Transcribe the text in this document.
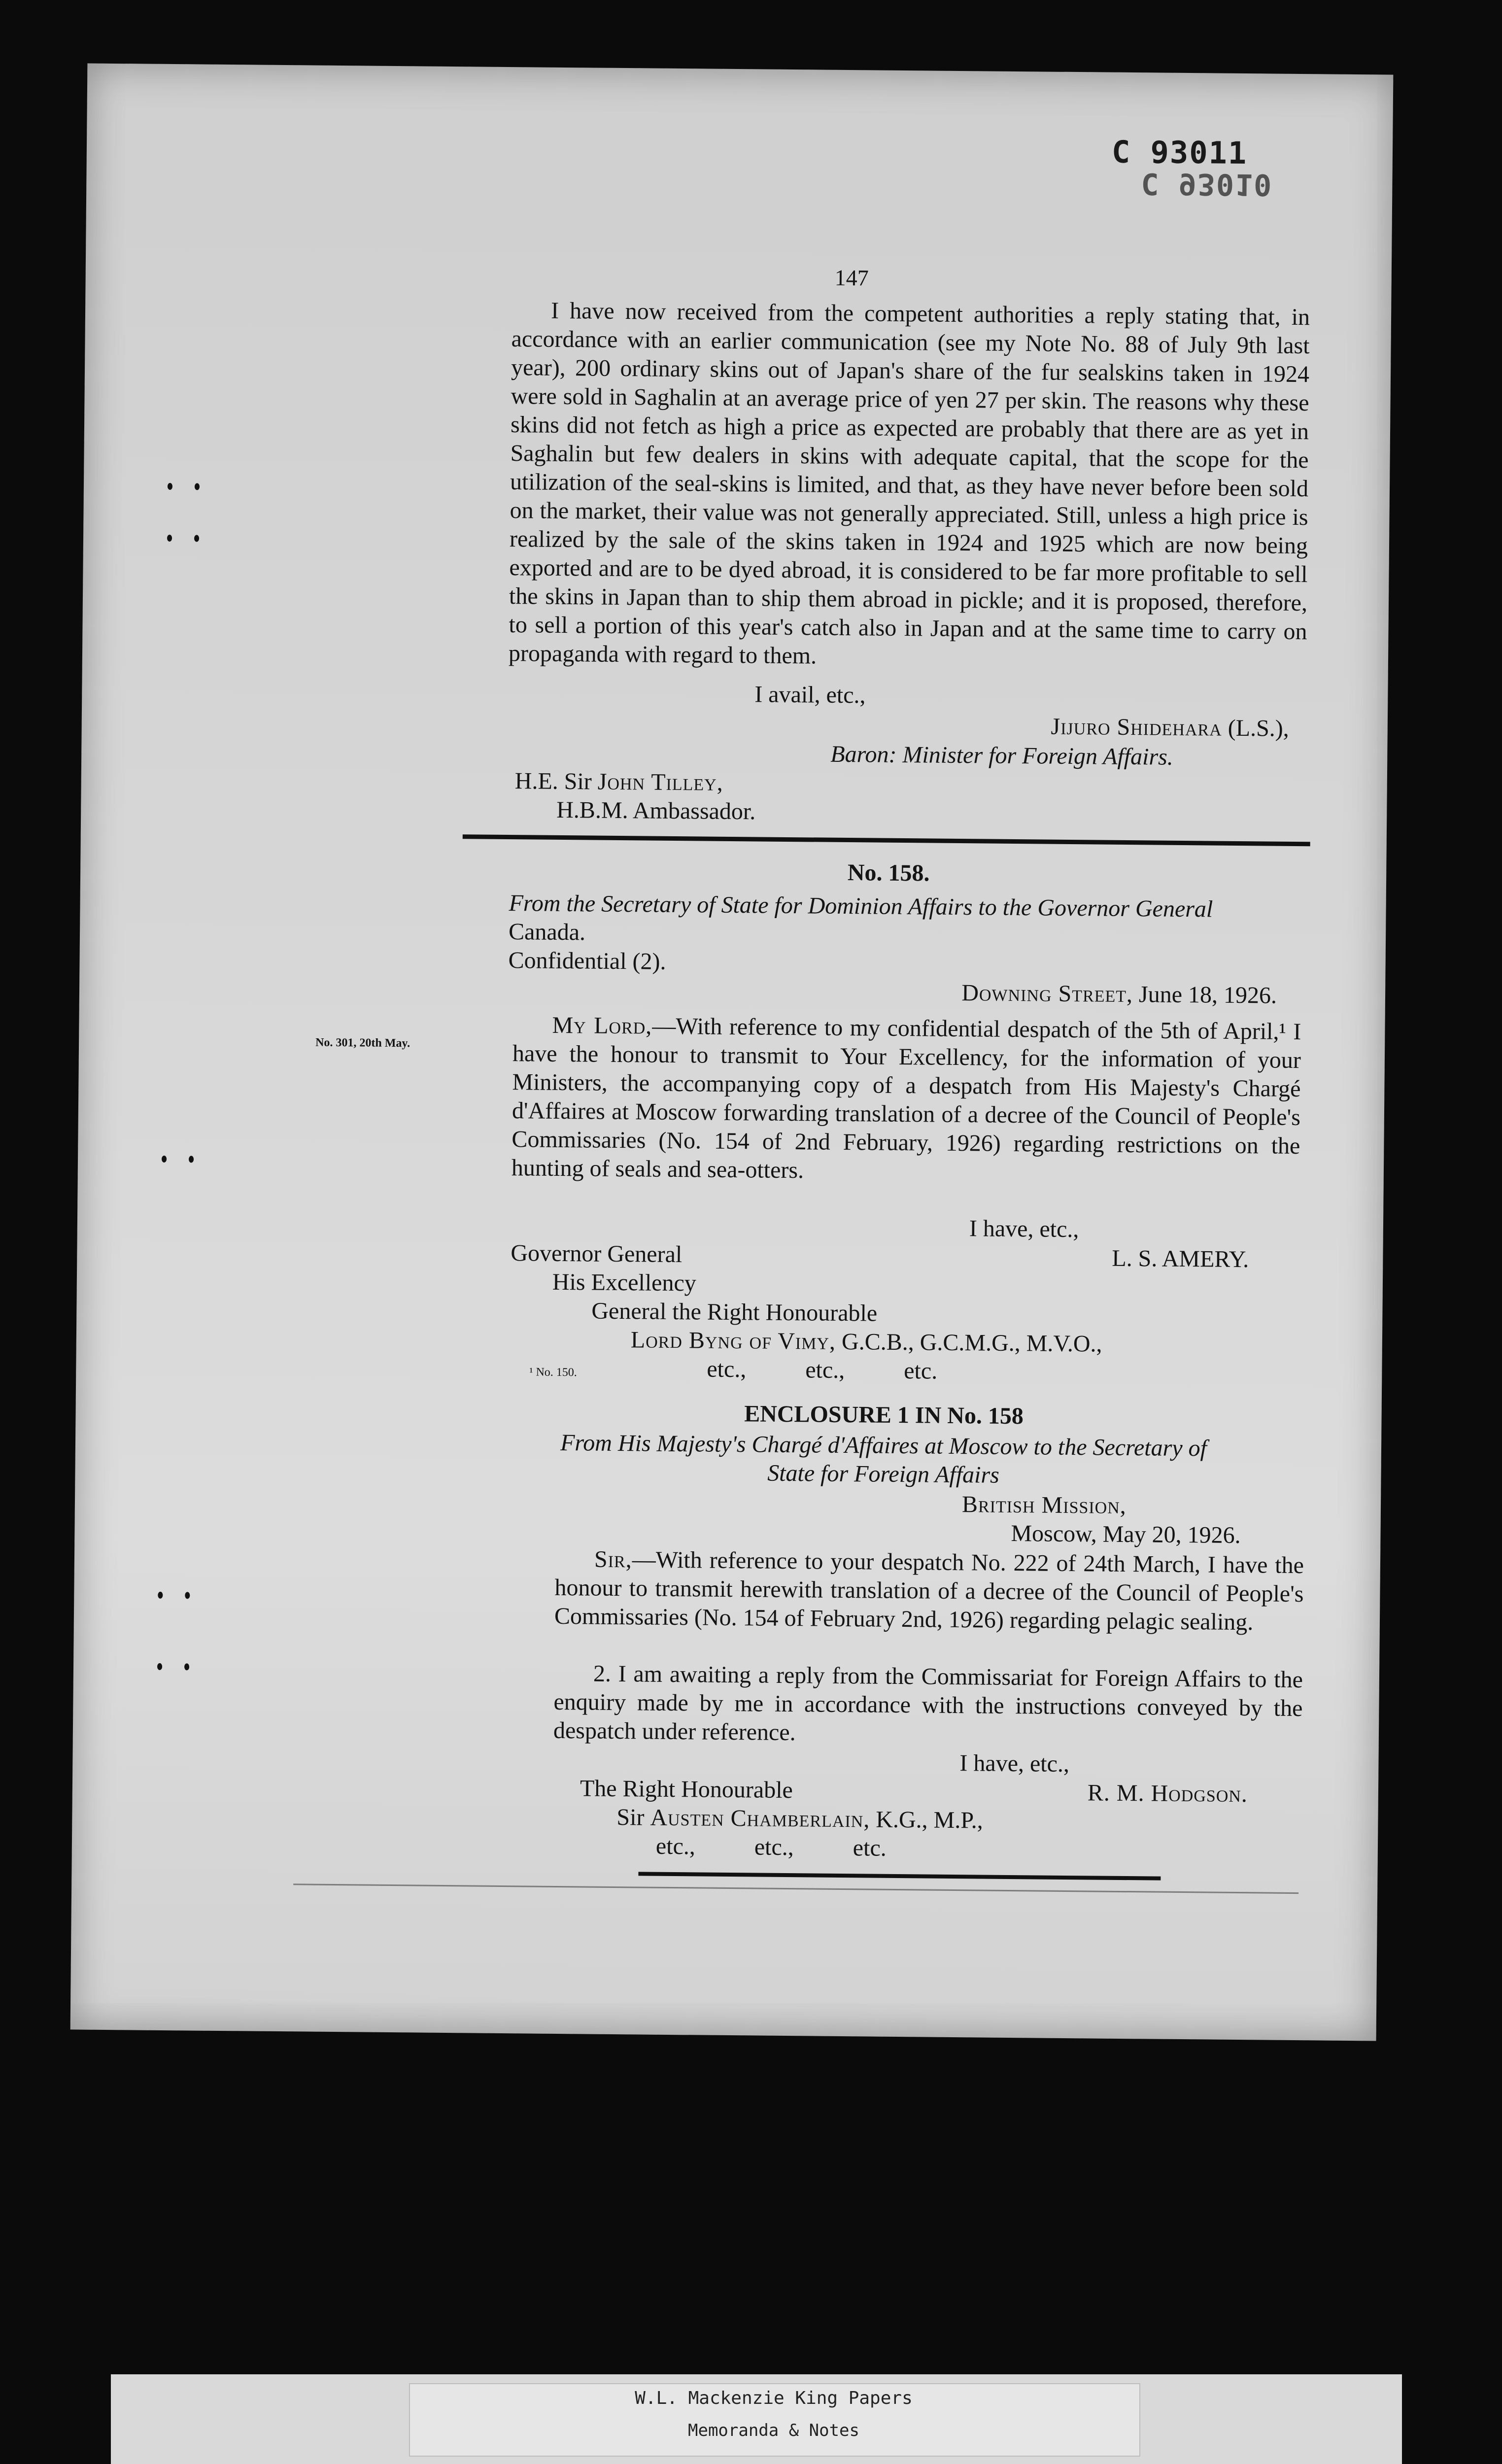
C 93011
C 93010
147
I have now received from the competent authorities a reply stating that, in accordance with an earlier communication (see my Note No. 88 of July 9th last year), 200 ordinary skins out of Japan's share of the fur sealskins taken in 1924 were sold in Saghalin at an average price of yen 27 per skin. The reasons why these skins did not fetch as high a price as expected are probably that there are as yet in Saghalin but few dealers in skins with adequate capital, that the scope for the utilization of the seal-skins is limited, and that, as they have never before been sold on the market, their value was not generally appreciated. Still, unless a high price is realized by the sale of the skins taken in 1924 and 1925 which are now being exported and are to be dyed abroad, it is considered to be far more profitable to sell the skins in Japan than to ship them abroad in pickle; and it is proposed, therefore, to sell a portion of this year's catch also in Japan and at the same time to carry on propaganda with regard to them.
I avail, etc.,
Jijuro Shidehara (L.S.),
Baron: Minister for Foreign Affairs.
H.E. Sir John Tilley,
H.B.M. Ambassador.
No. 158.
From the Secretary of State for Dominion Affairs to the Governor General
Canada.
Confidential (2).
Downing Street, June 18, 1926.
No. 301, 20th May.
My Lord,—With reference to my confidential despatch of the 5th of April,¹ I have the honour to transmit to Your Excellency, for the information of your Ministers, the accompanying copy of a despatch from His Majesty's Chargé d'Affaires at Moscow forwarding translation of a decree of the Council of People's Commissaries (No. 154 of 2nd February, 1926) regarding restrictions on the hunting of seals and sea-otters.
I have, etc.,
Governor General	L. S. AMERY.
His Excellency
General the Right Honourable
Lord Byng of Vimy, G.C.B., G.C.M.G., M.V.O.,
etc.,          etc.,          etc.
¹ No. 150.
ENCLOSURE 1 IN No. 158
From His Majesty's Chargé d'Affaires at Moscow to the Secretary of
State for Foreign Affairs
British Mission,
Moscow, May 20, 1926.
Sir,—With reference to your despatch No. 222 of 24th March, I have the honour to transmit herewith translation of a decree of the Council of People's Commissaries (No. 154 of February 2nd, 1926) regarding pelagic sealing.
2. I am awaiting a reply from the Commissariat for Foreign Affairs to the enquiry made by me in accordance with the instructions conveyed by the despatch under reference.
I have, etc.,
The Right Honourable	R. M. Hodgson.
Sir Austen Chamberlain, K.G., M.P.,
etc.,          etc.,          etc.
W.L. Mackenzie King Papers
Memoranda & Notes
